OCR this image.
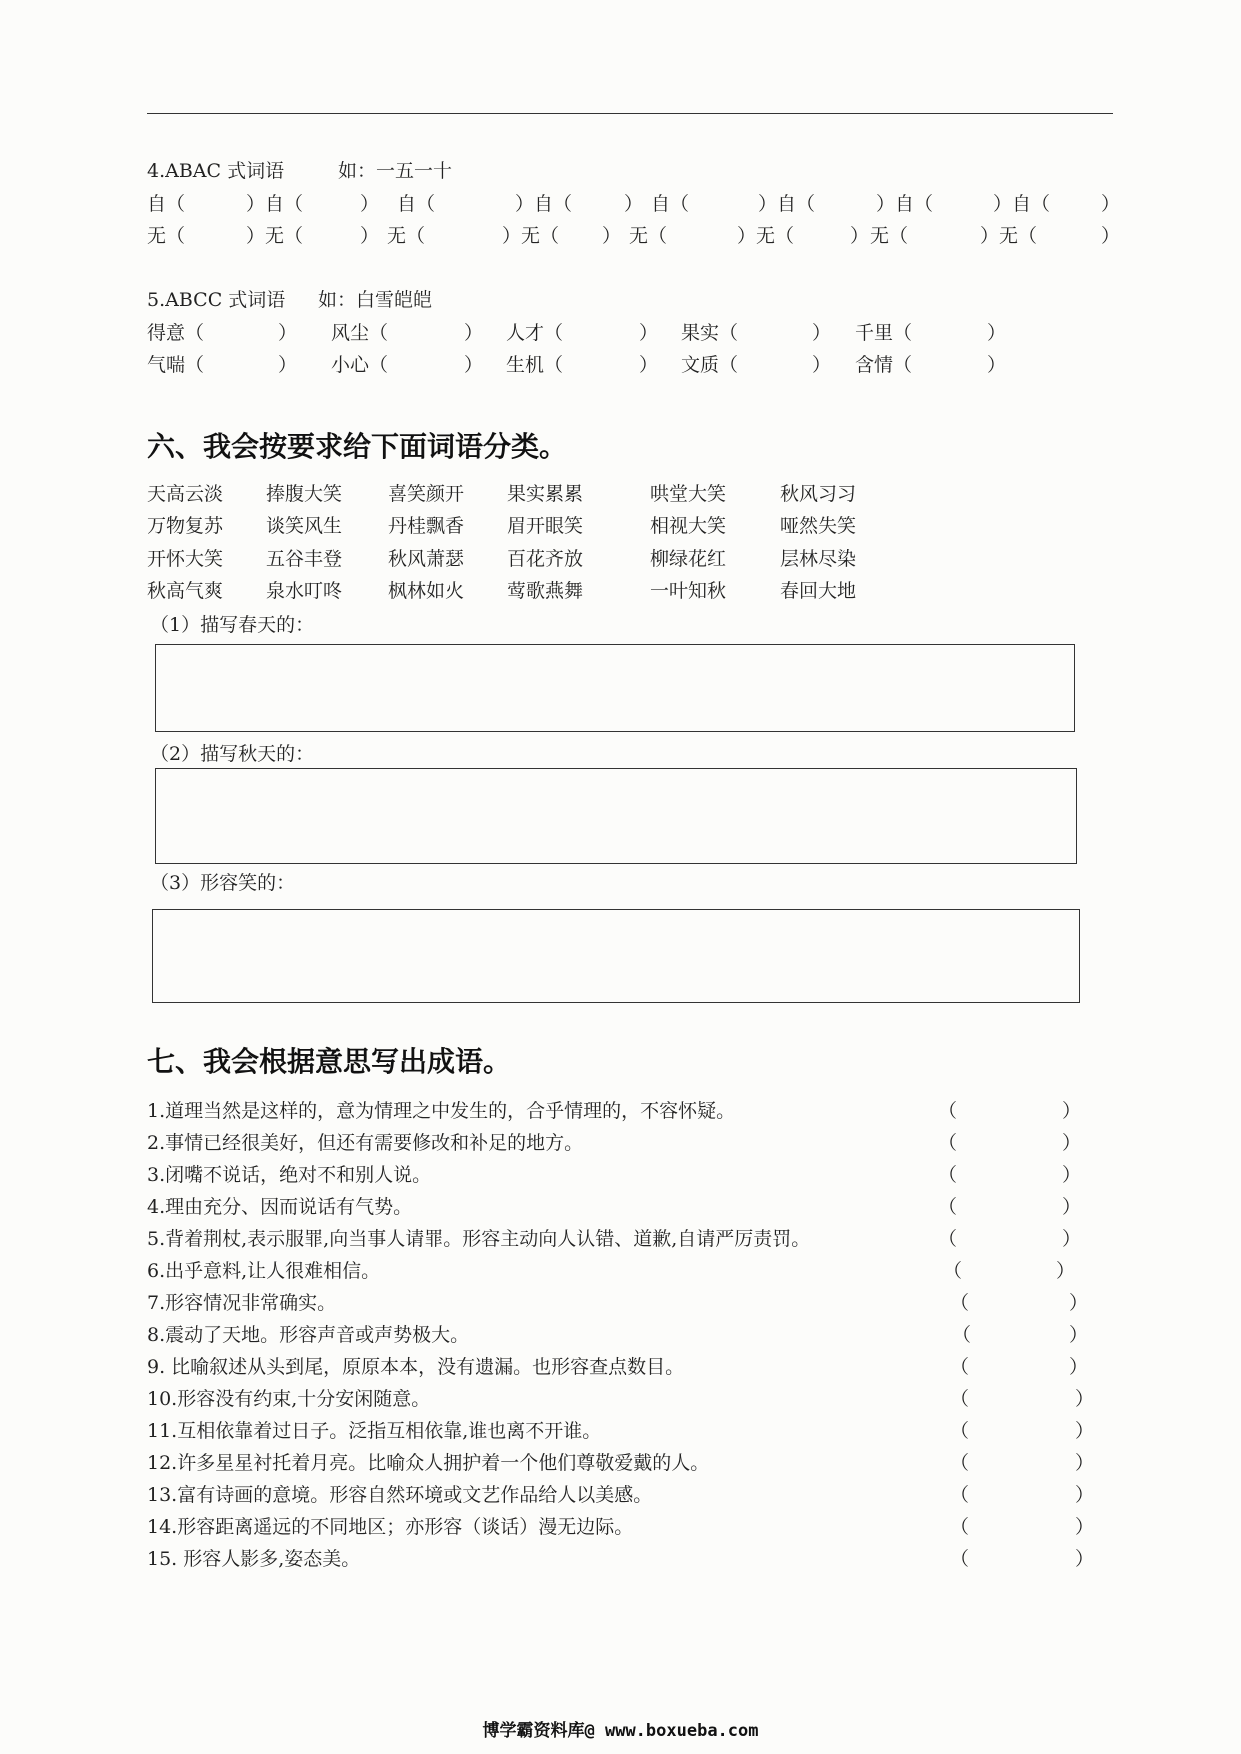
4.ABAC 式词语	如：一五一十
自（	）自（	） 自（	）自（	） 自（	）自（	）自（	）自（	）
无（	）无（	） 无（	）无（ ） 无（	）无（	） 无（	）无（	）
5.ABCC 式词语 如：白雪皑皑
得意（	） 风尘（	） 人才（	） 果实（	） 千里（	）
气喘（	） 小心（	） 生机（	） 文质（	） 含情（	）
六、我会按要求给下面词语分类。
天高云淡 捧腹大笑 喜笑颜开 果实累累	哄堂大笑	秋风习习
万物复苏 谈笑风生 丹桂飘香 眉开眼笑	相视大笑	哑然失笑
开怀大笑 五谷丰登 秋风萧瑟 百花齐放	柳绿花红	层林尽染
秋高气爽 泉水叮咚 枫林如火 莺歌燕舞	一叶知秋	春回大地
（1）描写春天的：
（2）描写秋天的：
（3）形容笑的：
七、我会根据意思写出成语。
1.道理当然是这样的，意为情理之中发生的，合乎情理的，不容怀疑。	（	）
2.事情已经很美好，但还有需要修改和补足的地方。	（	）
3.闭嘴不说话，绝对不和别人说。	（	）
4.理由充分、因而说话有气势。	（	）
5.背着荆杖,表示服罪,向当事人请罪。形容主动向人认错、道歉,自请严厉责罚。	（	）
6.出乎意料,让人很难相信。	（	）
7.形容情况非常确实。	（	）
8.震动了天地。形容声音或声势极大。	（	）
9. 比喻叙述从头到尾，原原本本，没有遗漏。也形容查点数目。	（	）
10.形容没有约束,十分安闲随意。	（	）
11.互相依靠着过日子。泛指互相依靠,谁也离不开谁。	（	）
12.许多星星衬托着月亮。比喻众人拥护着一个他们尊敬爱戴的人。	（	）
13.富有诗画的意境。形容自然环境或文艺作品给人以美感。	（	）
14.形容距离遥远的不同地区；亦形容（谈话）漫无边际。	（	）
15. 形容人影多,姿态美。	（	）
博学霸资料库@ www.boxueba.com
